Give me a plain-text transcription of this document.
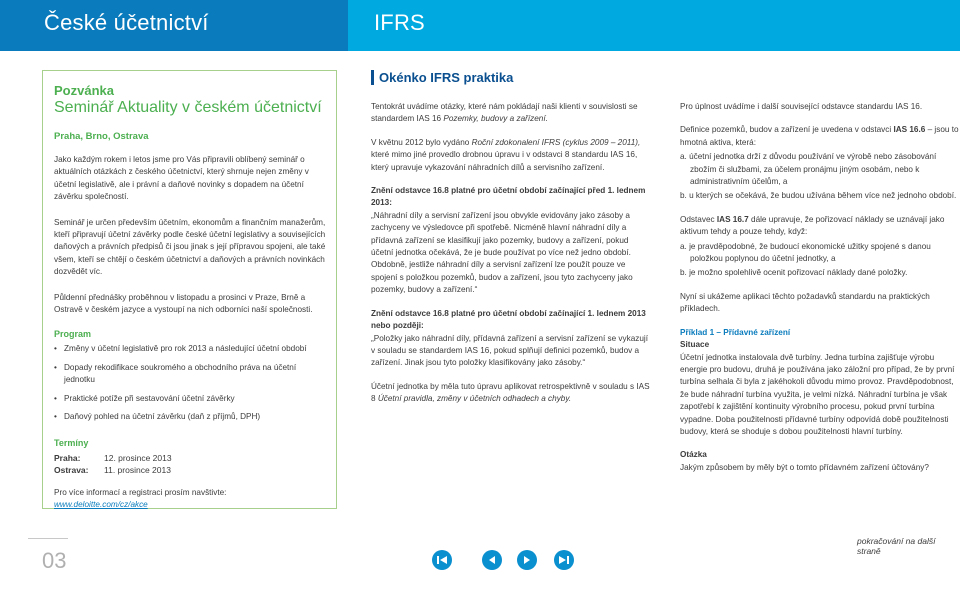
České účetnictví	IFRS
Pozvánka
Seminář Aktuality v českém účetnictví
Praha, Brno, Ostrava
Jako každým rokem i letos jsme pro Vás připravili oblíbený seminář o aktuálních otázkách z českého účetnictví, který shrnuje nejen změny v účetní legislativě, ale i právní a daňové novinky s dopadem na účetní závěrku společností.
Seminář je určen především účetním, ekonomům a finančním manažerům, kteří připravují účetní závěrky podle české účetní legislativy a souvisejících daňových a právních předpisů či jsou jinak s její přípravou spojeni, ale také všem, kteří se chtějí o českém účetnictví a daňových a právních novinkách dozvědět víc.
Půldenní přednášky proběhnou v listopadu a prosinci v Praze, Brně a Ostravě v českém jazyce a vystoupí na nich odborníci naší společnosti.
Program
• Změny v účetní legislativě pro rok 2013 a následující účetní období
• Dopady rekodifikace soukromého a obchodního práva na účetní jednotku
• Praktické potíže při sestavování účetní závěrky
• Daňový pohled na účetní závěrku (daň z příjmů, DPH)
Termíny
Praha:	12. prosince 2013
Ostrava:	11. prosince 2013
Pro více informací a registraci prosím navštivte:
www.deloitte.com/cz/akce
Okénko IFRS praktika
Tentokrát uvádíme otázky, které nám pokládají naši klienti v souvislosti se standardem IAS 16 Pozemky, budovy a zařízení.
V květnu 2012 bylo vydáno Roční zdokonalení IFRS (cyklus 2009 – 2011), které mimo jiné provedlo drobnou úpravu i v odstavci 8 standardu IAS 16, který upravuje vykazování náhradních dílů a servisního zařízení.
Znění odstavce 16.8 platné pro účetní období začínající před 1. lednem 2013:
„Náhradní díly a servisní zařízení jsou obvykle evidovány jako zásoby a zachyceny ve výsledovce při spotřebě. Nicméně hlavní náhradní díly a přídavná zařízení se klasifikují jako pozemky, budovy a zařízení, pokud účetní jednotka očekává, že je bude používat po více než jedno období. Obdobně, jestliže náhradní díly a servisní zařízení lze použít pouze ve spojení s položkou pozemků, budov a zařízení, jsou tyto zachyceny jako pozemky, budovy a zařízení.“
Znění odstavce 16.8 platné pro účetní období začínající 1. lednem 2013 nebo později:
„Položky jako náhradní díly, přídavná zařízení a servisní zařízení se vykazují v souladu se standardem IAS 16, pokud splňují definici pozemků, budov a zařízení. Jinak jsou tyto položky klasifikovány jako zásoby.“
Účetní jednotka by měla tuto úpravu aplikovat retrospektivně v souladu s IAS 8 Účetní pravidla, změny v účetních odhadech a chyby.
Pro úplnost uvádíme i další související odstavce standardu IAS 16.
Definice pozemků, budov a zařízení je uvedena v odstavci IAS 16.6 – jsou to hmotná aktiva, která:
a. účetní jednotka drží z důvodu používání ve výrobě nebo zásobování zbožím či službami, za účelem pronájmu jiným osobám, nebo k administrativním účelům, a
b. u kterých se očekává, že budou užívána během více než jednoho období.
Odstavec IAS 16.7 dále upravuje, že pořizovací náklady se uznávají jako aktivum tehdy a pouze tehdy, když:
a. je pravděpodobné, že budoucí ekonomické užitky spojené s danou položkou poplynou do účetní jednotky, a
b. je možno spolehlivě ocenit pořizovací náklady dané položky.
Nyní si ukážeme aplikaci těchto požadavků standardu na praktických příkladech.
Příklad 1 – Přídavné zařízení
Situace
Účetní jednotka instalovala dvě turbíny. Jedna turbína zajišťuje výrobu energie pro budovu, druhá je používána jako záložní pro případ, že by první turbína selhala či byla z jakéhokoli důvodu mimo provoz. Pravděpodobnost, že bude náhradní turbína využita, je velmi nízká. Náhradní turbína je však zapotřebí k zajištění kontinuity výrobního procesu, pokud první turbína vypadne. Doba použitelnosti přídavné turbíny odpovídá době použitelnosti budovy, která se shoduje s dobou použitelnosti hlavní turbíny.
Otázka
Jakým způsobem by měly být o tomto přídavném zařízení účtovány?
03
pokračování na další straně
